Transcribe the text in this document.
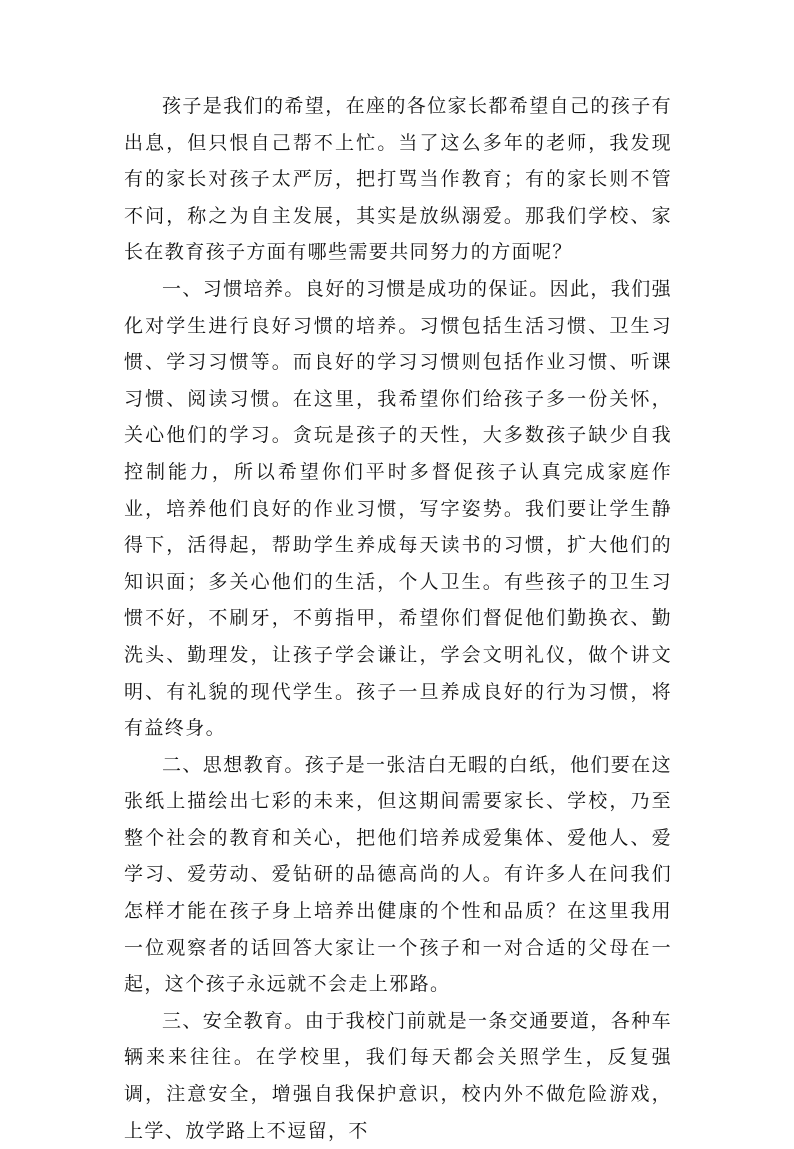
孩子是我们的希望，在座的各位家长都希望自己的孩子有出息，但只恨自己帮不上忙。当了这么多年的老师，我发现有的家长对孩子太严厉，把打骂当作教育；有的家长则不管不问，称之为自主发展，其实是放纵溺爱。那我们学校、家长在教育孩子方面有哪些需要共同努力的方面呢？

一、习惯培养。良好的习惯是成功的保证。因此，我们强化对学生进行良好习惯的培养。习惯包括生活习惯、卫生习惯、学习习惯等。而良好的学习习惯则包括作业习惯、听课习惯、阅读习惯。在这里，我希望你们给孩子多一份关怀，关心他们的学习。贪玩是孩子的天性，大多数孩子缺少自我控制能力，所以希望你们平时多督促孩子认真完成家庭作业，培养他们良好的作业习惯，写字姿势。我们要让学生静得下，活得起，帮助学生养成每天读书的习惯，扩大他们的知识面；多关心他们的生活，个人卫生。有些孩子的卫生习惯不好，不刷牙，不剪指甲，希望你们督促他们勤换衣、勤洗头、勤理发，让孩子学会谦让，学会文明礼仪，做个讲文明、有礼貌的现代学生。孩子一旦养成良好的行为习惯，将有益终身。

二、思想教育。孩子是一张洁白无暇的白纸，他们要在这张纸上描绘出七彩的未来，但这期间需要家长、学校，乃至整个社会的教育和关心，把他们培养成爱集体、爱他人、爱学习、爱劳动、爱钻研的品德高尚的人。有许多人在问我们怎样才能在孩子身上培养出健康的个性和品质？在这里我用一位观察者的话回答大家让一个孩子和一对合适的父母在一起，这个孩子永远就不会走上邪路。

三、安全教育。由于我校门前就是一条交通要道，各种车辆来来往往。在学校里，我们每天都会关照学生，反复强调，注意安全，增强自我保护意识，校内外不做危险游戏，上学、放学路上不逗留，不
